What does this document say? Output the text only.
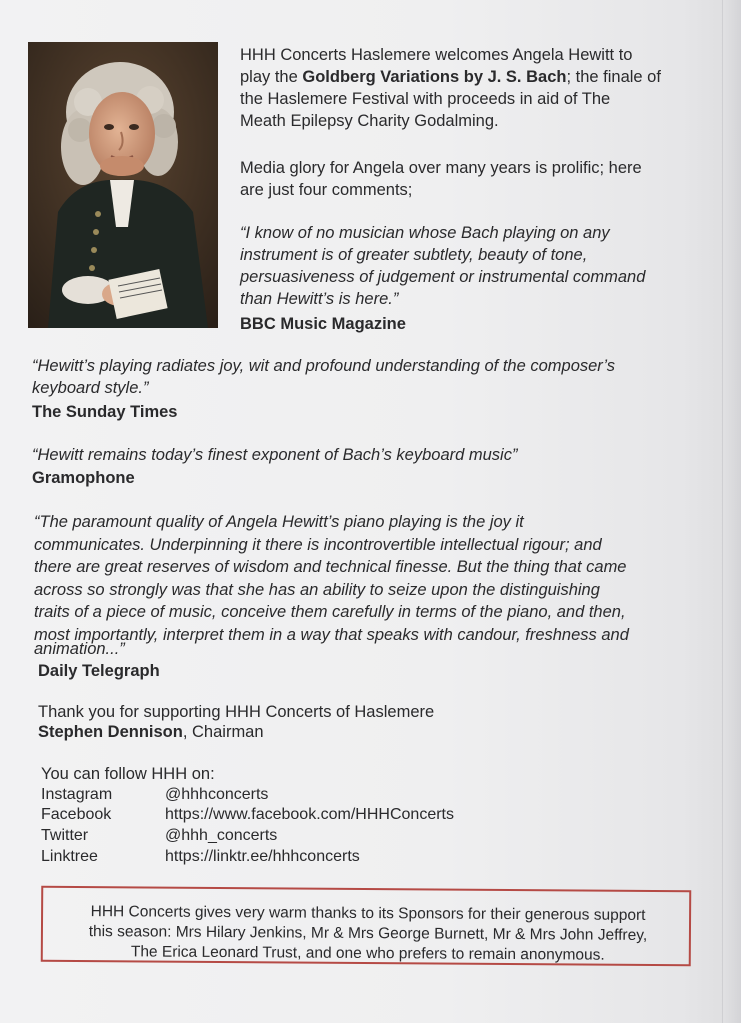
HHH Concerts Haslemere welcomes Angela Hewitt to
play the Goldberg Variations by J. S. Bach; the finale of
the Haslemere Festival with proceeds in aid of The
Meath Epilepsy Charity Godalming.
Media glory for Angela over many years is prolific; here
are just four comments;
“I know of no musician whose Bach playing on any
instrument is of greater subtlety, beauty of tone,
persuasiveness of judgement or instrumental command
than Hewitt’s is here.”
BBC Music Magazine
“Hewitt’s playing radiates joy, wit and profound understanding of the composer’s
keyboard style.”
The Sunday Times
“Hewitt remains today’s finest exponent of Bach’s keyboard music”
Gramophone
“The paramount quality of Angela Hewitt’s piano playing is the joy it
communicates. Underpinning it there is incontrovertible intellectual rigour; and
there are great reserves of wisdom and technical finesse. But the thing that came
across so strongly was that she has an ability to seize upon the distinguishing
traits of a piece of music, conceive them carefully in terms of the piano, and then,
most importantly, interpret them in a way that speaks with candour, freshness and
animation...”
Daily Telegraph
Thank you for supporting HHH Concerts of Haslemere
Stephen Dennison, Chairman
You can follow HHH on:
Instagram	@hhhconcerts
Facebook	https://www.facebook.com/HHHConcerts
Twitter	@hhh_concerts
Linktree	https://linktr.ee/hhhconcerts
HHH Concerts gives very warm thanks to its Sponsors for their generous support
this season: Mrs Hilary Jenkins, Mr & Mrs George Burnett, Mr & Mrs John Jeffrey,
The Erica Leonard Trust, and one who prefers to remain anonymous.
